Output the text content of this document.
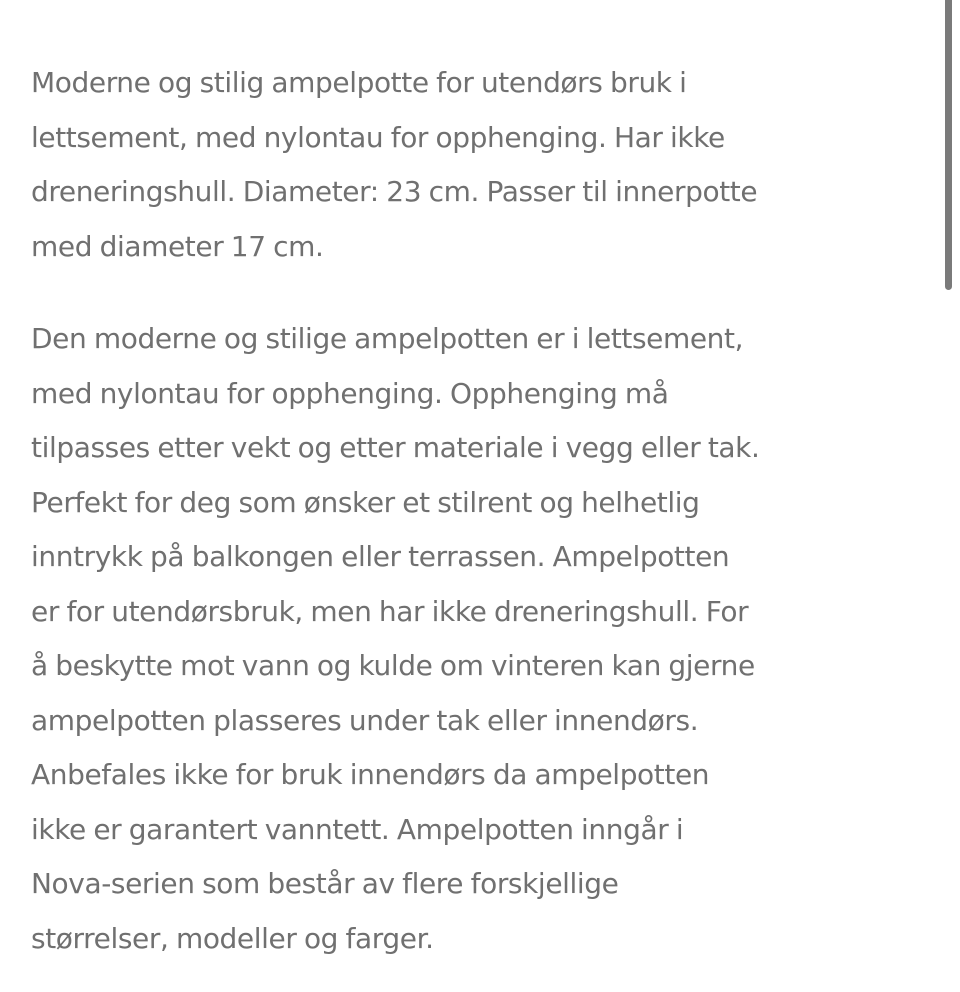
Moderne og stilig ampelpotte for utendørs bruk i
lettsement, med nylontau for opphenging. Har ikke
dreneringshull. Diameter: 23 cm. Passer til innerpotte
med diameter 17 cm.

Den moderne og stilige ampelpotten er i lettsement,
med nylontau for opphenging. Opphenging må
tilpasses etter vekt og etter materiale i vegg eller tak.
Perfekt for deg som ønsker et stilrent og helhetlig
inntrykk på balkongen eller terrassen. Ampelpotten
er for utendørsbruk, men har ikke dreneringshull. For
å beskytte mot vann og kulde om vinteren kan gjerne
ampelpotten plasseres under tak eller innendørs.
Anbefales ikke for bruk innendørs da ampelpotten
ikke er garantert vanntett. Ampelpotten inngår i
Nova-serien som består av flere forskjellige
størrelser, modeller og farger.
